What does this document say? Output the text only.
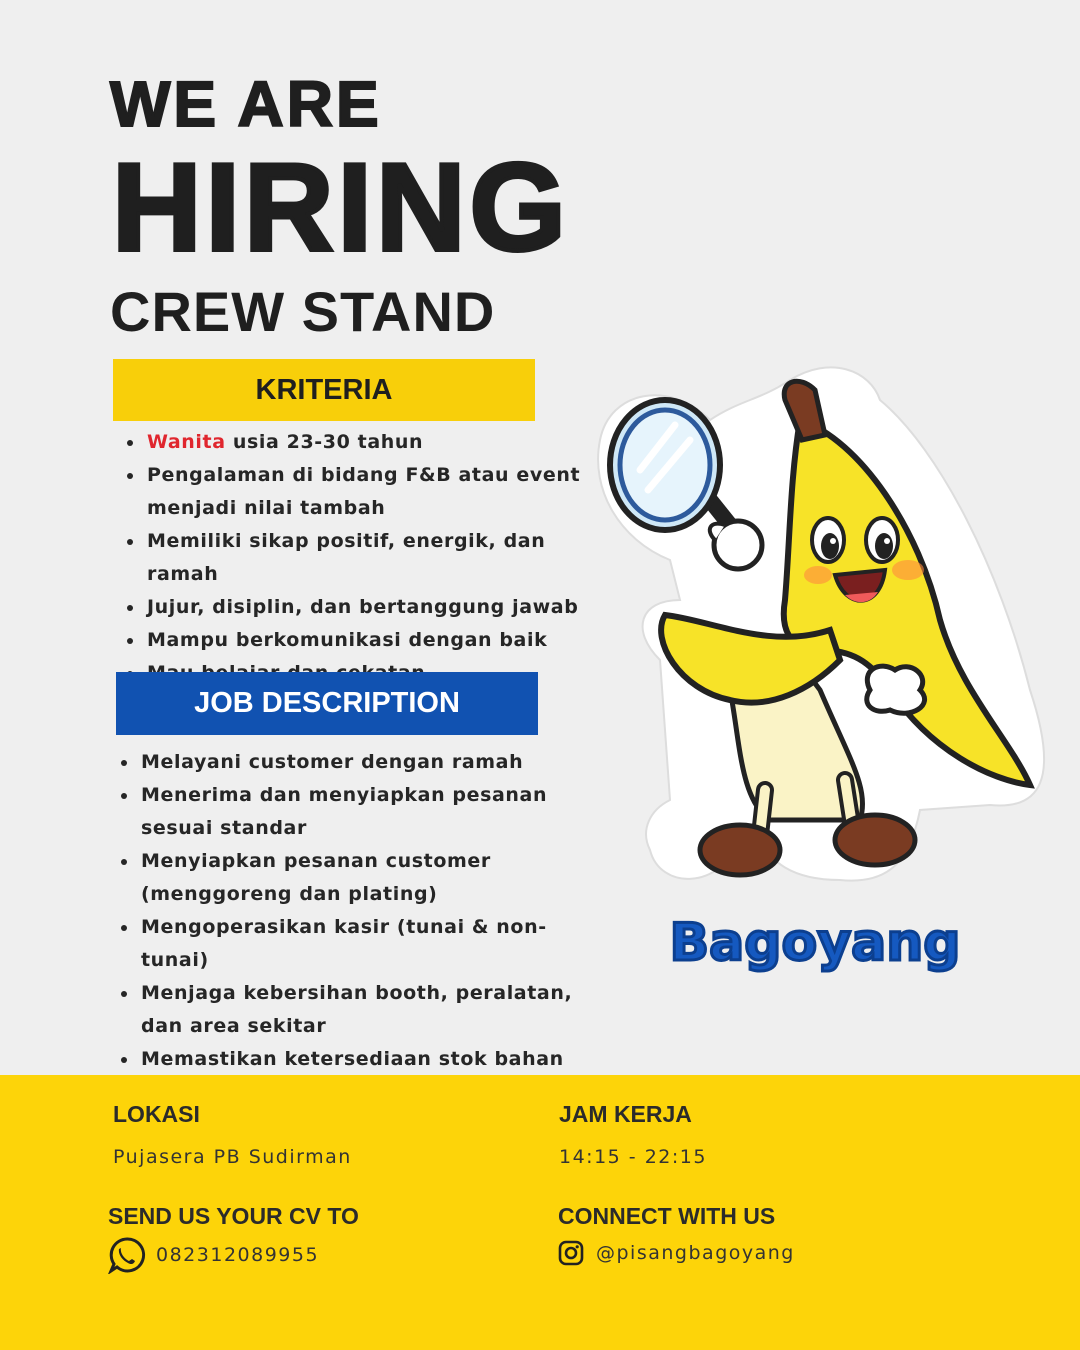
WE ARE
HIRING
CREW STAND
KRITERIA
Wanita usia 23-30 tahun
Pengalaman di bidang F&B atau event menjadi nilai tambah
Memiliki sikap positif, energik, dan ramah
Jujur, disiplin, dan bertanggung jawab
Mampu berkomunikasi dengan baik
JOB DESCRIPTION
Melayani customer dengan ramah
Menerima dan menyiapkan pesanan sesuai standar
Menyiapkan pesanan customer (menggoreng dan plating)
Mengoperasikan kasir (tunai & non-tunai)
Menjaga kebersihan booth, peralatan, dan area sekitar
Memastikan ketersediaan stok bahan
Bagoyang
LOKASI
Pujasera PB Sudirman
JAM KERJA
14:15 - 22:15
SEND US YOUR CV TO
082312089955
CONNECT WITH US
@pisangbagoyang
